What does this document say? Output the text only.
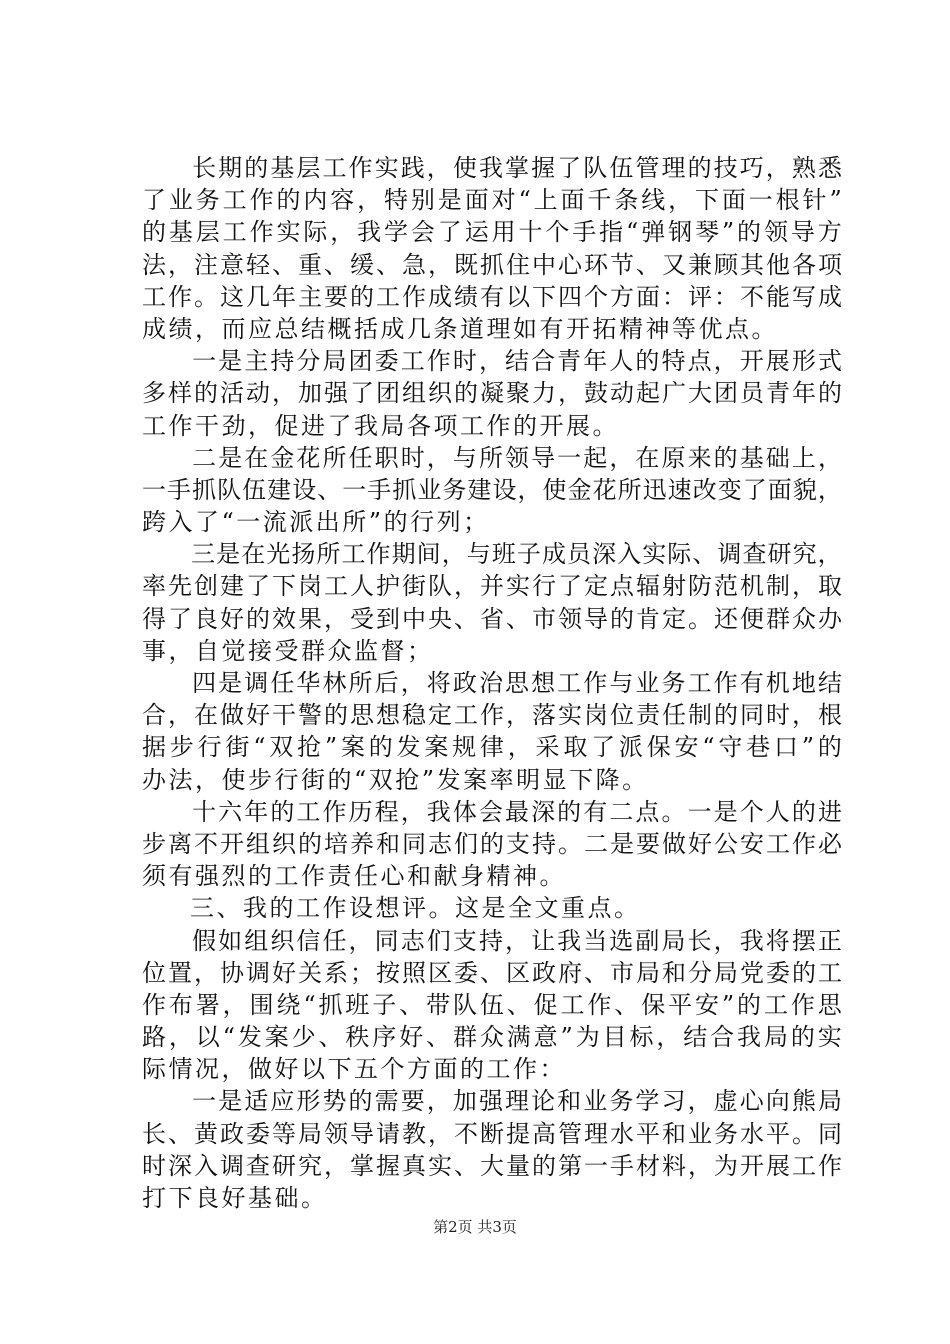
长 期 的 基 层 工 作 实 践 ， 使 我 掌 握 了 队 伍 管 理 的 技 巧 ， 熟 悉
了 业 务 工 作 的 内 容 ， 特 别 是 面 对 “ 上 面 千 条 线 ， 下 面 一 根 针 ”
的 基 层 工 作 实 际 ， 我 学 会 了 运 用 十 个 手 指 “ 弹 钢 琴 ” 的 领 导 方
法 ， 注 意 轻 、 重 、 缓 、 急 ， 既 抓 住 中 心 环 节 、 又 兼 顾 其 他 各 项
工 作 。 这 几 年 主 要 的 工 作 成 绩 有 以 下 四 个 方 面 ： 评 ： 不 能 写 成
成 绩 ， 而 应 总 结 概 括 成 几 条 道 理 如 有 开 拓 精 神 等 优 点 。
一 是 主 持 分 局 团 委 工 作 时 ， 结 合 青 年 人 的 特 点 ， 开 展 形 式
多 样 的 活 动 ， 加 强 了 团 组 织 的 凝 聚 力 ， 鼓 动 起 广 大 团 员 青 年 的
工 作 干 劲 ， 促 进 了 我 局 各 项 工 作 的 开 展 。
二 是 在 金 花 所 任 职 时 ， 与 所 领 导 一 起 ， 在 原 来 的 基 础 上 ，
一 手 抓 队 伍 建 设 、 一 手 抓 业 务 建 设 ， 使 金 花 所 迅 速 改 变 了 面 貌 ，
跨 入 了 “ 一 流 派 出 所 ” 的 行 列 ；
三 是 在 光 扬 所 工 作 期 间 ， 与 班 子 成 员 深 入 实 际 、 调 查 研 究 ，
率 先 创 建 了 下 岗 工 人 护 街 队 ， 并 实 行 了 定 点 辐 射 防 范 机 制 ， 取
得 了 良 好 的 效 果 ， 受 到 中 央 、 省 、 市 领 导 的 肯 定 。 还 便 群 众 办
事 ， 自 觉 接 受 群 众 监 督 ；
四 是 调 任 华 林 所 后 ， 将 政 治 思 想 工 作 与 业 务 工 作 有 机 地 结
合 ， 在 做 好 干 警 的 思 想 稳 定 工 作 ， 落 实 岗 位 责 任 制 的 同 时 ， 根
据 步 行 街 “ 双 抢 ” 案 的 发 案 规 律 ， 采 取 了 派 保 安 “ 守 巷 口 ” 的
办 法 ， 使 步 行 街 的 “ 双 抢 ” 发 案 率 明 显 下 降 。
十 六 年 的 工 作 历 程 ， 我 体 会 最 深 的 有 二 点 。 一 是 个 人 的 进
步 离 不 开 组 织 的 培 养 和 同 志 们 的 支 持 。 二 是 要 做 好 公 安 工 作 必
须 有 强 烈 的 工 作 责 任 心 和 献 身 精 神 。
三 、 我 的 工 作 设 想 评 。 这 是 全 文 重 点 。
假 如 组 织 信 任 ， 同 志 们 支 持 ， 让 我 当 选 副 局 长 ， 我 将 摆 正
位 置 ， 协 调 好 关 系 ； 按 照 区 委 、 区 政 府 、 市 局 和 分 局 党 委 的 工
作 布 署 ， 围 绕 “ 抓 班 子 、 带 队 伍 、 促 工 作 、 保 平 安 ” 的 工 作 思
路 ， 以 “ 发 案 少 、 秩 序 好 、 群 众 满 意 ” 为 目 标 ， 结 合 我 局 的 实
际 情 况 ， 做 好 以 下 五 个 方 面 的 工 作 ：
一 是 适 应 形 势 的 需 要 ， 加 强 理 论 和 业 务 学 习 ， 虚 心 向 熊 局
长 、 黄 政 委 等 局 领 导 请 教 ， 不 断 提 高 管 理 水 平 和 业 务 水 平 。 同
时 深 入 调 查 研 究 ， 掌 握 真 实 、 大 量 的 第 一 手 材 料 ， 为 开 展 工 作
打 下 良 好 基 础 。
第2页 共3页
